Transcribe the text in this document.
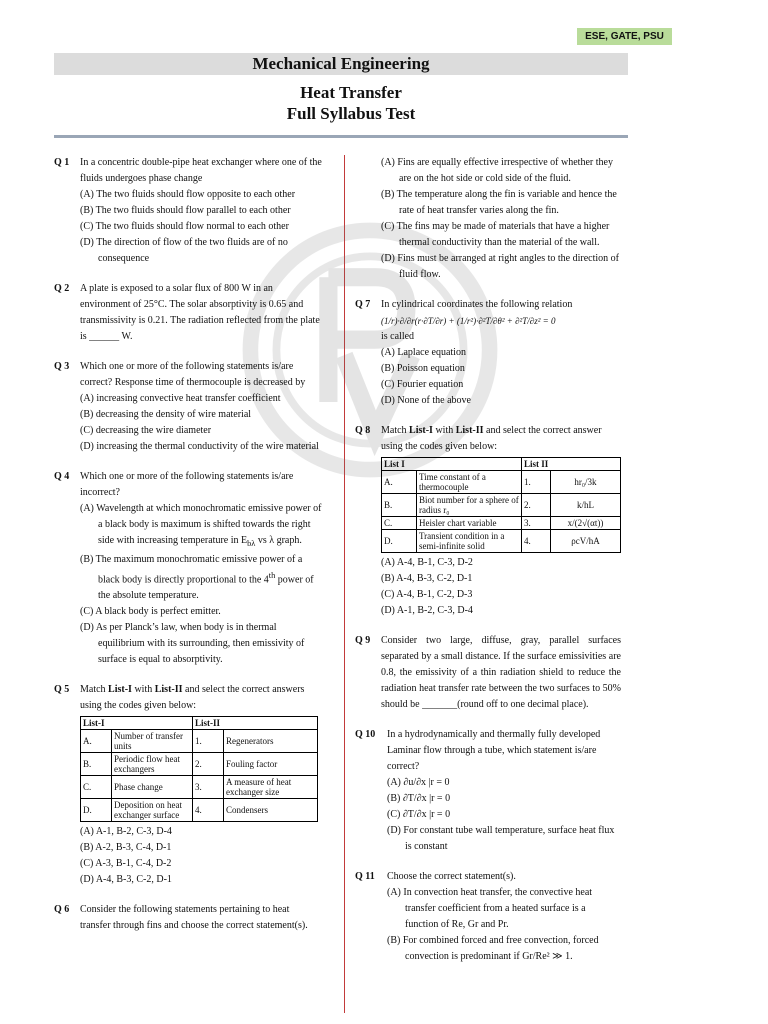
ESE, GATE, PSU
Mechanical Engineering
Heat Transfer
Full Syllabus Test
Q 1 In a concentric double-pipe heat exchanger where one of the fluids undergoes phase change
(A) The two fluids should flow opposite to each other
(B) The two fluids should flow parallel to each other
(C) The two fluids should flow normal to each other
(D) The direction of flow of the two fluids are of no consequence
Q 2 A plate is exposed to a solar flux of 800 W in an environment of 25°C. The solar absorptivity is 0.65 and transmissivity is 0.21. The radiation reflected from the plate is ______ W.
Q 3 Which one or more of the following statements is/are correct? Response time of thermocouple is decreased by
(A) increasing convective heat transfer coefficient
(B) decreasing the density of wire material
(C) decreasing the wire diameter
(D) increasing the thermal conductivity of the wire material
Q 4 Which one or more of the following statements is/are incorrect?
(A) Wavelength at which monochromatic emissive power of a black body is maximum is shifted towards the right side with increasing temperature in $E_{b\lambda}$ vs λ graph.
(B) The maximum monochromatic emissive power of a black body is directly proportional to the 4th power of the absolute temperature.
(C) A black body is perfect emitter.
(D) As per Planck’s law, when body is in thermal equilibrium with its surrounding, then emissivity of surface is equal to absorptivity.
Q 5 Match List-I with List-II and select the correct answers using the codes given below:
List-I		List-II	
A.	Number of transfer units	1.	Regenerators
B.	Periodic flow heat exchangers	2.	Fouling factor
C.	Phase change	3.	A measure of heat exchanger size
D.	Deposition on heat exchanger surface	4.	Condensers
(A) A-1, B-2, C-3, D-4
(B) A-2, B-3, C-4, D-1
(C) A-3, B-1, C-4, D-2
(D) A-4, B-3, C-2, D-1
Q 6 Consider the following statements pertaining to heat transfer through fins and choose the correct statement(s).
(A) Fins are equally effective irrespective of whether they are on the hot side or cold side of the fluid.
(B) The temperature along the fin is variable and hence the rate of heat transfer varies along the fin.
(C) The fins may be made of materials that have a higher thermal conductivity than the material of the wall.
(D) Fins must be arranged at right angles to the direction of fluid flow.
Q 7 In cylindrical coordinates the following relation
(1/r)·∂/∂r(r·∂T/∂r) + (1/r²)·∂²T/∂θ² + ∂²T/∂z² = 0
is called
(A) Laplace equation
(B) Poisson equation
(C) Fourier equation
(D) None of the above
Q 8 Match List-I with List-II and select the correct answer using the codes given below:
List I		List II	
A.	Time constant of a thermocouple	1.	hr₀/3k
B.	Biot number for a sphere of radius r₀	2.	k/hL
C.	Heisler chart variable	3.	x/(2√(αt))
D.	Transient condition in a semi-infinite solid	4.	ρcV/hA
(A) A-4, B-1, C-3, D-2
(B) A-4, B-3, C-2, D-1
(C) A-4, B-1, C-2, D-3
(D) A-1, B-2, C-3, D-4
Q 9 Consider two large, diffuse, gray, parallel surfaces separated by a small distance. If the surface emissivities are 0.8, the emissivity of a thin radiation shield to reduce the radiation heat transfer rate between the two surfaces to 50% should be _______(round off to one decimal place).
Q 10 In a hydrodynamically and thermally fully developed Laminar flow through a tube, which statement is/are correct?
(A) ∂u/∂x |r = 0
(B) ∂T/∂x |r = 0
(C) ∂T/∂x |r = 0
(D) For constant tube wall temperature, surface heat flux is constant
Q 11 Choose the correct statement(s).
(A) In convection heat transfer, the convective heat transfer coefficient from a heated surface is a function of Re, Gr and Pr.
(B) For combined forced and free convection, forced convection is predominant if Gr/Re² ≫ 1.
